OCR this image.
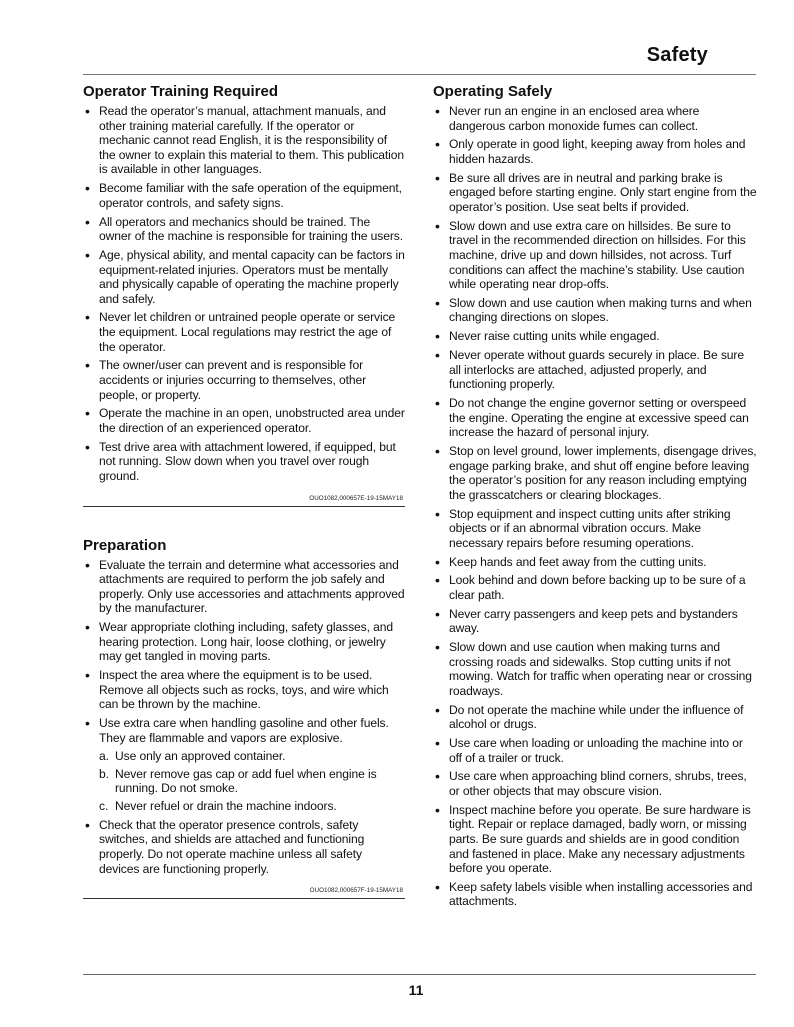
Safety
Operator Training Required
• Read the operator’s manual, attachment manuals, and other training material carefully. If the operator or mechanic cannot read English, it is the responsibility of the owner to explain this material to them. This publication is available in other languages.
• Become familiar with the safe operation of the equipment, operator controls, and safety signs.
• All operators and mechanics should be trained. The owner of the machine is responsible for training the users.
• Age, physical ability, and mental capacity can be factors in equipment-related injuries. Operators must be mentally and physically capable of operating the machine properly and safely.
• Never let children or untrained people operate or service the equipment. Local regulations may restrict the age of the operator.
• The owner/user can prevent and is responsible for accidents or injuries occurring to themselves, other people, or property.
• Operate the machine in an open, unobstructed area under the direction of an experienced operator.
• Test drive area with attachment lowered, if equipped, but not running. Slow down when you travel over rough ground.
OUO1082,000657E-19-15MAY18
Preparation
• Evaluate the terrain and determine what accessories and attachments are required to perform the job safely and properly. Only use accessories and attachments approved by the manufacturer.
• Wear appropriate clothing including, safety glasses, and hearing protection. Long hair, loose clothing, or jewelry may get tangled in moving parts.
• Inspect the area where the equipment is to be used. Remove all objects such as rocks, toys, and wire which can be thrown by the machine.
• Use extra care when handling gasoline and other fuels. They are flammable and vapors are explosive.
a. Use only an approved container.
b. Never remove gas cap or add fuel when engine is running. Do not smoke.
c. Never refuel or drain the machine indoors.
• Check that the operator presence controls, safety switches, and shields are attached and functioning properly. Do not operate machine unless all safety devices are functioning properly.
OUO1082,000657F-19-15MAY18
Operating Safely
• Never run an engine in an enclosed area where dangerous carbon monoxide fumes can collect.
• Only operate in good light, keeping away from holes and hidden hazards.
• Be sure all drives are in neutral and parking brake is engaged before starting engine. Only start engine from the operator’s position. Use seat belts if provided.
• Slow down and use extra care on hillsides. Be sure to travel in the recommended direction on hillsides. For this machine, drive up and down hillsides, not across. Turf conditions can affect the machine’s stability. Use caution while operating near drop-offs.
• Slow down and use caution when making turns and when changing directions on slopes.
• Never raise cutting units while engaged.
• Never operate without guards securely in place. Be sure all interlocks are attached, adjusted properly, and functioning properly.
• Do not change the engine governor setting or overspeed the engine. Operating the engine at excessive speed can increase the hazard of personal injury.
• Stop on level ground, lower implements, disengage drives, engage parking brake, and shut off engine before leaving the operator’s position for any reason including emptying the grasscatchers or clearing blockages.
• Stop equipment and inspect cutting units after striking objects or if an abnormal vibration occurs. Make necessary repairs before resuming operations.
• Keep hands and feet away from the cutting units.
• Look behind and down before backing up to be sure of a clear path.
• Never carry passengers and keep pets and bystanders away.
• Slow down and use caution when making turns and crossing roads and sidewalks. Stop cutting units if not mowing. Watch for traffic when operating near or crossing roadways.
• Do not operate the machine while under the influence of alcohol or drugs.
• Use care when loading or unloading the machine into or off of a trailer or truck.
• Use care when approaching blind corners, shrubs, trees, or other objects that may obscure vision.
• Inspect machine before you operate. Be sure hardware is tight. Repair or replace damaged, badly worn, or missing parts. Be sure guards and shields are in good condition and fastened in place. Make any necessary adjustments before you operate.
• Keep safety labels visible when installing accessories and attachments.
11
